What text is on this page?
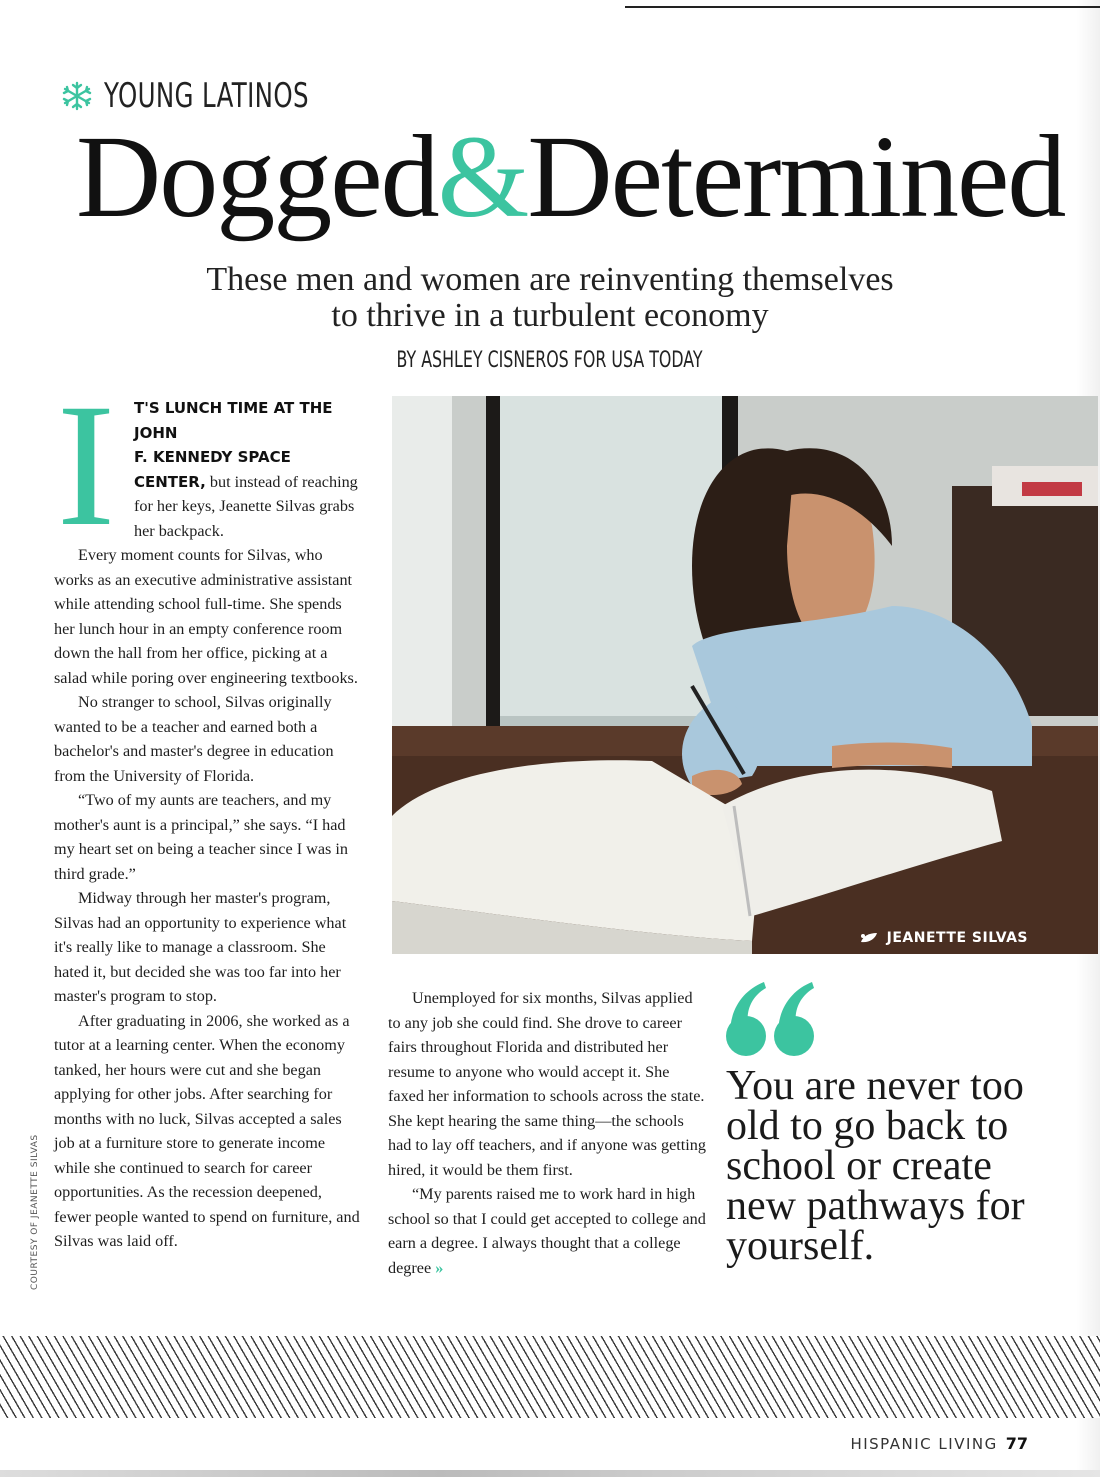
YOUNG LATINOS
Dogged&Determined
These men and women are reinventing themselves
to thrive in a turbulent economy
BY ASHLEY CISNEROS FOR USA TODAY

T'S LUNCH TIME AT THE JOHN
F. KENNEDY SPACE CENTER, but instead of reaching for her keys, Jeanette Silvas grabs her backpack.

Every moment counts for Silvas, who works as an executive administrative assistant while attending school full-time. She spends her lunch hour in an empty conference room down the hall from her office, picking at a salad while poring over engineering textbooks.

No stranger to school, Silvas originally wanted to be a teacher and earned both a bachelor's and master's degree in education from the University of Florida.

“Two of my aunts are teachers, and my mother's aunt is a principal,” she says. “I had my heart set on being a teacher since I was in third grade.”

Midway through her master's program, Silvas had an opportunity to experience what it's really like to manage a classroom. She hated it, but decided she was too far into her master's program to stop.

After graduating in 2006, she worked as a tutor at a learning center. When the economy tanked, her hours were cut and she began applying for other jobs. After searching for months with no luck, Silvas accepted a sales job at a furniture store to generate income while she continued to search for career opportunities. As the recession deepened, fewer people wanted to spend on furniture, and Silvas was laid off.

I
JEANETTE SILVAS

Unemployed for six months, Silvas applied to any job she could find. She drove to career fairs throughout Florida and distributed her resume to anyone who would accept it. She faxed her information to schools across the state. She kept hearing the same thing—the schools had to lay off teachers, and if anyone was getting hired, it would be them first.

“My parents raised me to work hard in high school so that I could get accepted to college and earn a degree. I always thought that a college degree »

You are never too old to go back to school or create new pathways for yourself.
COURTESY OF JEANETTE SILVAS
HISPANIC LIVING 77
